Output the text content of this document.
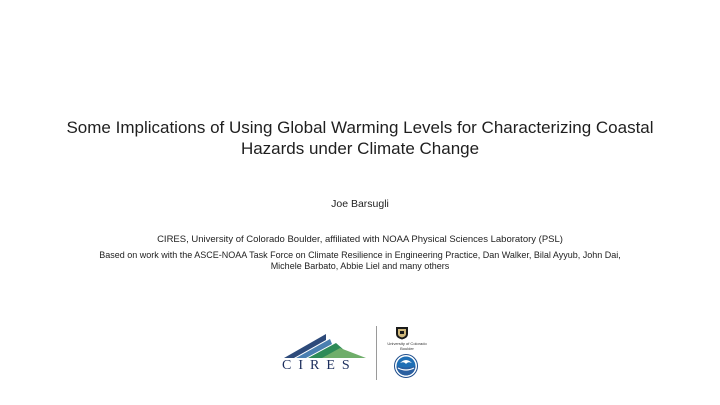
Some Implications of Using Global Warming Levels for Characterizing Coastal Hazards under Climate Change
Joe Barsugli
CIRES, University of Colorado Boulder, affiliated with NOAA Physical Sciences Laboratory (PSL)
Based on work with the ASCE-NOAA Task Force on Climate Resilience in Engineering Practice, Dan Walker, Bilal Ayyub, John Dai, Michele Barbato, Abbie Liel and many others
CIRES
University of Colorado Boulder
